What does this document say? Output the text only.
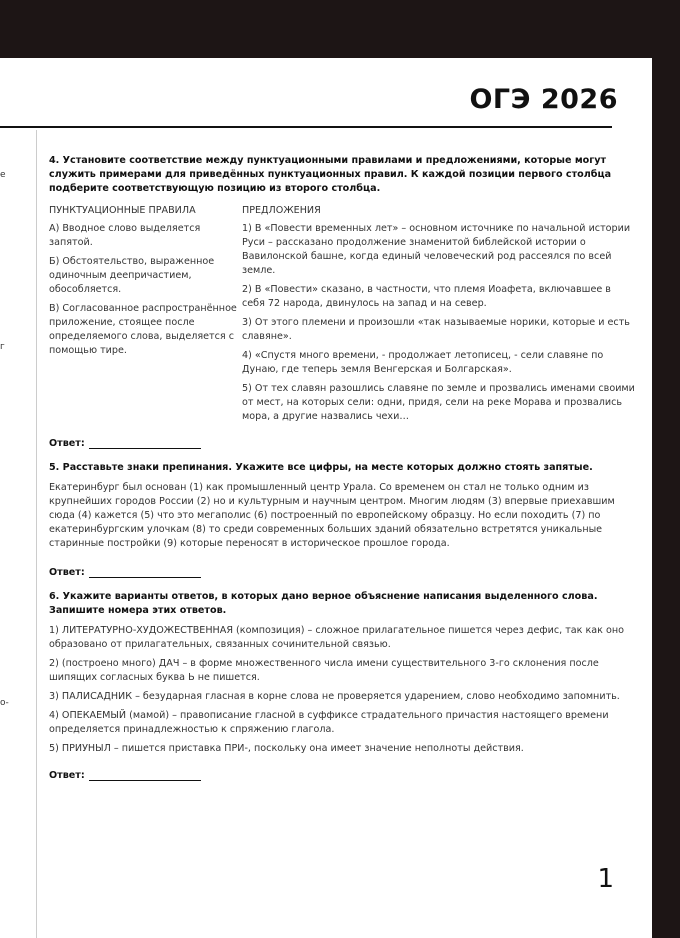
ОГЭ 2026
е
г
о-

4. Установите соответствие между пунктуационными правилами и предложениями, которые могут служить примерами для приведённых пунктуационных правил. К каждой позиции первого столбца подберите соответствующую позицию из второго столбца.

ПУНКТУАЦИОННЫЕ ПРАВИЛА
А) Вводное слово выделяется запятой.
Б) Обстоятельство, выраженное одиночным деепричастием, обособляется.
В) Согласованное распространённое приложение, стоящее после определяемого слова, выделяется с помощью тире.
ПРЕДЛОЖЕНИЯ
1) В «Повести временных лет» – основном источнике по начальной истории Руси – рассказано продолжение знаменитой библейской истории о Вавилонской башне, когда единый человеческий род рассеялся по всей земле.
2) В «Повести» сказано, в частности, что племя Иоафета, включавшее в себя 72 народа, двинулось на запад и на север.
3) От этого племени и произошли «так называемые норики, которые и есть славяне».
4) «Спустя много времени, - продолжает летописец, - сели славяне по Дунаю, где теперь земля Венгерская и Болгарская».
5) От тех славян разошлись славяне по земле и прозвались именами своими от мест, на которых сели: одни, придя, сели на реке Морава и прозвались мора, а другие назвались чехи…
Ответ:

5. Расставьте знаки препинания. Укажите все цифры, на месте которых должно стоять запятые.

Екатеринбург был основан (1) как промышленный центр Урала. Со временем он стал не только одним из крупнейших городов России (2) но и культурным и научным центром. Многим людям (3) впервые приехавшим сюда (4) кажется (5) что это мегаполис (6) построенный по европейскому образцу. Но если походить (7) по екатеринбургским улочкам (8) то среди современных больших зданий обязательно встретятся уникальные старинные постройки (9) которые переносят в историческое прошлое города.

Ответ:

6. Укажите варианты ответов, в которых дано верное объяснение написания выделенного слова. Запишите номера этих ответов.

1) ЛИТЕРАТУРНО-ХУДОЖЕСТВЕННАЯ (композиция) – сложное прилагательное пишется через дефис, так как оно образовано от прилагательных, связанных сочинительной связью.
2) (построено много) ДАЧ – в форме множественного числа имени существительного 3-го склонения после шипящих согласных буква Ь не пишется.
3) ПАЛИСАДНИК – безударная гласная в корне слова не проверяется ударением, слово необходимо запомнить.
4) ОПЕКАЕМЫЙ (мамой) – правописание гласной в суффиксе страдательного причастия настоящего времени определяется принадлежностью к спряжению глагола.
5) ПРИУНЫЛ – пишется приставка ПРИ-, поскольку она имеет значение неполноты действия.
Ответ:
1
